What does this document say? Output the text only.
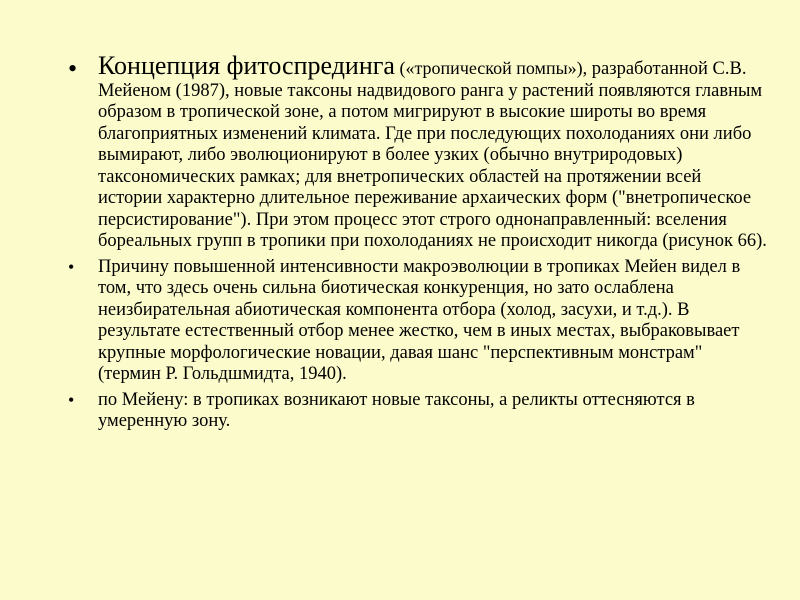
• Концепция фитоспрединга («тропической помпы»), разработанной С.В. Мейеном (1987), новые таксоны надвидового ранга у растений появляются главным образом в тропической зоне, а потом мигрируют в высокие широты во время благоприятных изменений климата. Где при последующих похолоданиях они либо вымирают, либо эволюционируют в более узких (обычно внутриродовых) таксономических рамках; для внетропических областей на протяжении всей истории характерно длительное переживание архаических форм ("внетропическое персистирование"). При этом процесс этот строго однонаправленный: вселения бореальных групп в тропики при похолоданиях не происходит никогда (рисунок 66).
•	Причину повышенной интенсивности макроэволюции в тропиках Мейен видел в том, что здесь очень сильна биотическая конкуренция, но зато ослаблена неизбирательная абиотическая компонента отбора (холод, засухи, и т.д.). В результате естественный отбор менее жестко, чем в иных местах, выбраковывает крупные морфологические новации, давая шанс "перспективным монстрам" (термин Р. Гольдшмидта, 1940).
•	по Мейену: в тропиках возникают новые таксоны, а реликты оттесняются в умеренную зону.
